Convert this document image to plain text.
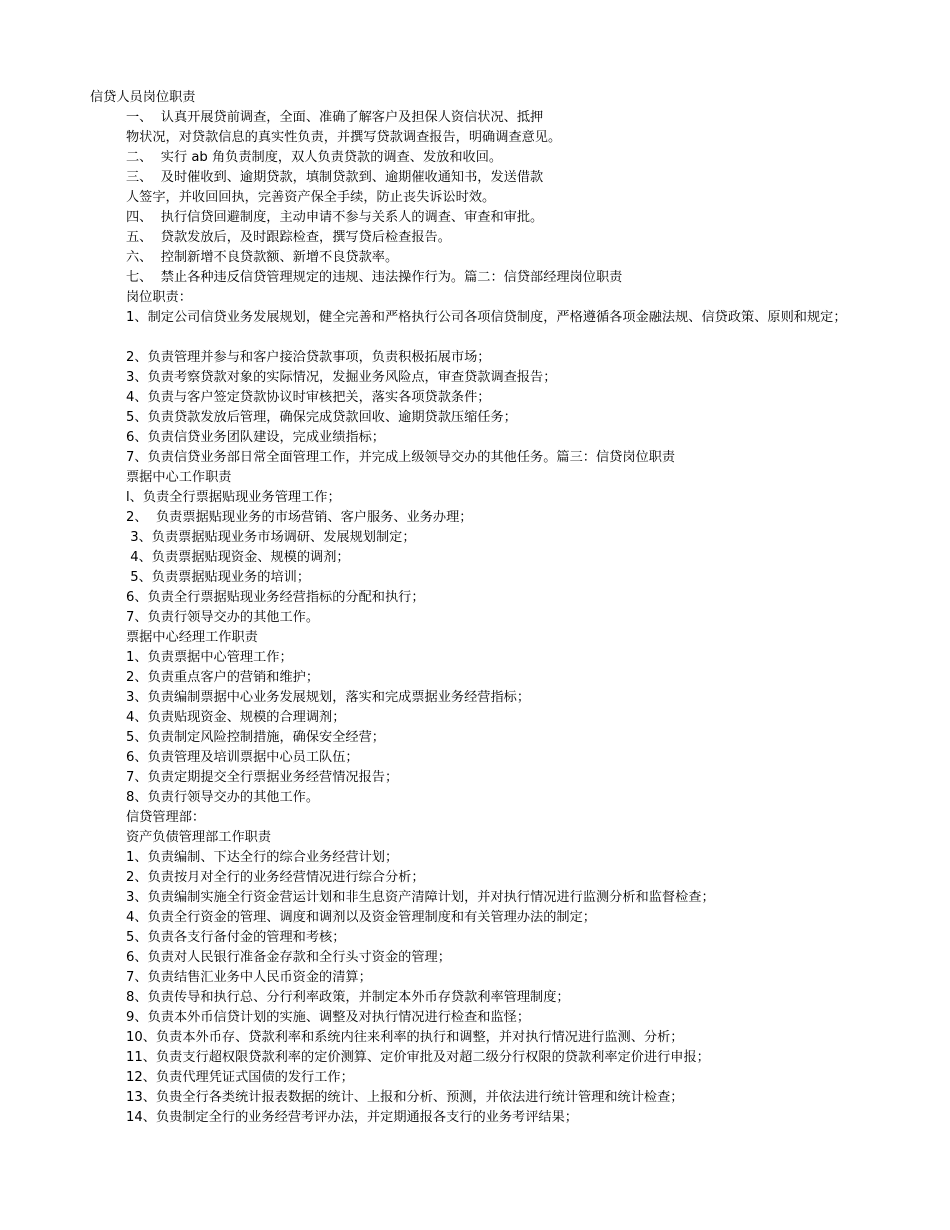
信贷人员岗位职责
一、  认真开展贷前调查，全面、准确了解客户及担保人资信状况、抵押
物状况，对贷款信息的真实性负责，并撰写贷款调查报告，明确调查意见。
二、  实行 ab 角负责制度，双人负责贷款的调查、发放和收回。
三、  及时催收到、逾期贷款，填制贷款到、逾期催收通知书，发送借款
人签字，并收回回执，完善资产保全手续，防止丧失诉讼时效。
四、  执行信贷回避制度，主动申请不参与关系人的调查、审查和审批。
五、  贷款发放后，及时跟踪检查，撰写贷后检查报告。
六、  控制新增不良贷款额、新增不良贷款率。
七、  禁止各种违反信贷管理规定的违规、违法操作行为。篇二：信贷部经理岗位职责
岗位职责：
1、制定公司信贷业务发展规划，健全完善和严格执行公司各项信贷制度，严格遵循各项金融法规、信贷政策、原则和规定；
2、负责管理并参与和客户接洽贷款事项，负责积极拓展市场；
3、负责考察贷款对象的实际情况，发掘业务风险点，审查贷款调查报告；
4、负责与客户签定贷款协议时审核把关，落实各项贷款条件；
5、负责贷款发放后管理，确保完成贷款回收、逾期贷款压缩任务；
6、负责信贷业务团队建设，完成业绩指标；
7、负责信贷业务部日常全面管理工作，并完成上级领导交办的其他任务。篇三：信贷岗位职责
票据中心工作职责
l、负责全行票据贴现业务管理工作；
2、  负责票据贴现业务的市场营销、客户服务、业务办理；
3、负责票据贴现业务市场调研、发展规划制定；
4、负责票据贴现资金、规模的调剂；
5、负责票据贴现业务的培训；
6、负责全行票据贴现业务经营指标的分配和执行；
7、负责行领导交办的其他工作。
票据中心经理工作职责
1、负责票据中心管理工作；
2、负责重点客户的营销和维护；
3、负责编制票据中心业务发展规划，落实和完成票据业务经营指标；
4、负责贴现资金、规模的合理调剂；
5、负责制定风险控制措施，确保安全经营；
6、负责管理及培训票据中心员工队伍；
7、负责定期提交全行票据业务经营情况报告；
8、负责行领导交办的其他工作。
信贷管理部：
资产负债管理部工作职责
1、负责编制、下达全行的综合业务经营计划；
2、负责按月对全行的业务经营情况进行综合分析；
3、负责编制实施全行资金营运计划和非生息资产清障计划，并对执行情况进行监测分析和监督检查；
4、负责全行资金的管理、调度和调剂以及资金管理制度和有关管理办法的制定；
5、负责各支行备付金的管理和考核；
6、负责对人民银行准备金存款和全行头寸资金的管理；
7、负责结售汇业务中人民币资金的清算；
8、负责传导和执行总、分行利率政策，并制定本外币存贷款利率管理制度；
9、负责本外币信贷计划的实施、调整及对执行情况进行检查和监怪；
10、负责本外币存、贷款利率和系统内往来利率的执行和调整，并对执行情况进行监测、分析；
11、负责支行超权限贷款利率的定价测算、定价审批及对超二级分行权限的贷款利率定价进行申报；
12、负责代理凭证式国债的发行工作；
13、负贵全行各类统计报表数据的统计、上报和分析、预测，并依法进行统计管理和统计检查；
14、负贵制定全行的业务经营考评办法，并定期通报各支行的业务考评结果；
